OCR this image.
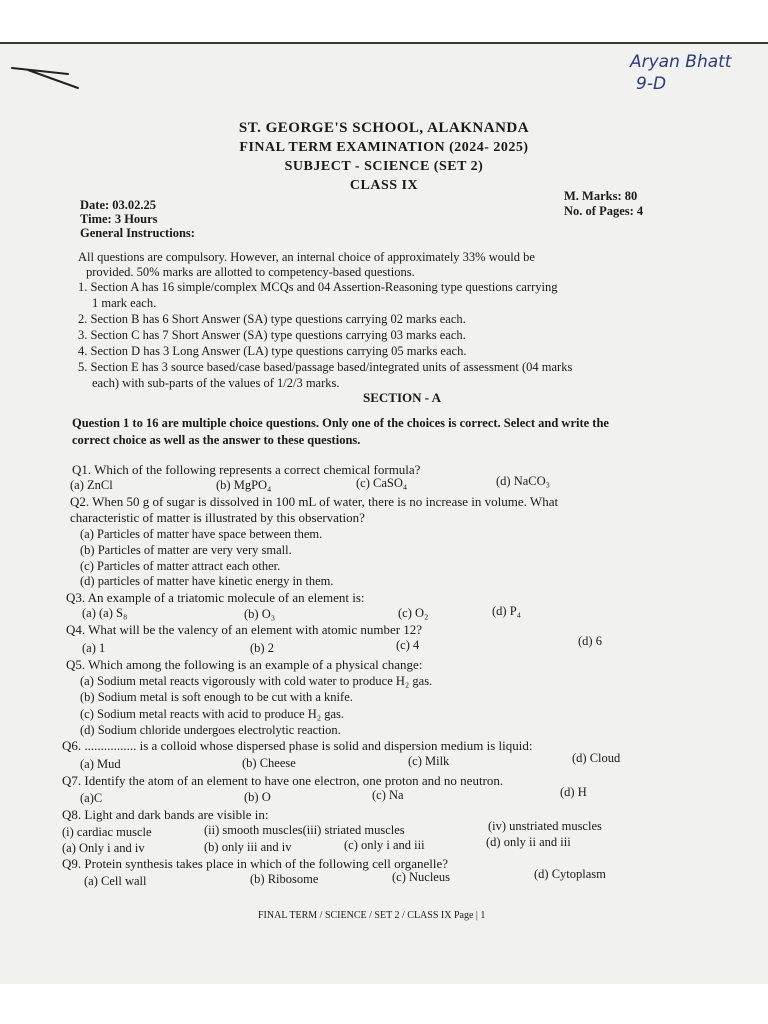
Aryan Bhatt
9-D
ST. GEORGE'S SCHOOL, ALAKNANDA
FINAL TERM EXAMINATION (2024- 2025)
SUBJECT - SCIENCE (SET 2)
CLASS IX
Date: 03.02.25
Time: 3 Hours
M. Marks: 80
No. of Pages: 4
General Instructions:
All questions are compulsory. However, an internal choice of approximately 33% would be
provided. 50% marks are allotted to competency-based questions.
1. Section A has 16 simple/complex MCQs and 04 Assertion-Reasoning type questions carrying
1 mark each.
2. Section B has 6 Short Answer (SA) type questions carrying 02 marks each.
3. Section C has 7 Short Answer (SA) type questions carrying 03 marks each.
4. Section D has 3 Long Answer (LA) type questions carrying 05 marks each.
5. Section E has 3 source based/case based/passage based/integrated units of assessment (04 marks
each) with sub-parts of the values of 1/2/3 marks.
SECTION - A
Question 1 to 16 are multiple choice questions. Only one of the choices is correct. Select and write the
correct choice as well as the answer to these questions.
Q1. Which of the following represents a correct chemical formula?
(a) ZnCl	(b) MgPO₄	(c) CaSO₄	(d) NaCO₃
Q2. When 50 g of sugar is dissolved in 100 mL of water, there is no increase in volume. What
characteristic of matter is illustrated by this observation?
(a) Particles of matter have space between them.
(b) Particles of matter are very very small.
(c) Particles of matter attract each other.
(d) particles of matter have kinetic energy in them.
Q3. An example of a triatomic molecule of an element is:
(a) (a) S₈	(b) O₃	(c) O₂	(d) P₄
Q4. What will be the valency of an element with atomic number 12?
(a) 1	(b) 2	(c) 4	(d) 6
Q5. Which among the following is an example of a physical change:
(a) Sodium metal reacts vigorously with cold water to produce H₂ gas.
(b) Sodium metal is soft enough to be cut with a knife.
(c) Sodium metal reacts with acid to produce H₂ gas.
(d) Sodium chloride undergoes electrolytic reaction.
Q6. ................ is a colloid whose dispersed phase is solid and dispersion medium is liquid:
(a) Mud	(b) Cheese	(c) Milk	(d) Cloud
Q7. Identify the atom of an element to have one electron, one proton and no neutron.
(a)C	(b) O	(c) Na	(d) H
Q8. Light and dark bands are visible in:
(i) cardiac muscle	(ii) smooth muscles(iii) striated muscles	(iv) unstriated muscles
(a) Only i and iv	(b) only iii and iv	(c) only i and iii	(d) only ii and iii
Q9. Protein synthesis takes place in which of the following cell organelle?
(a) Cell wall	(b) Ribosome	(c) Nucleus	(d) Cytoplasm
FINAL TERM / SCIENCE / SET 2 / CLASS IX Page | 1
